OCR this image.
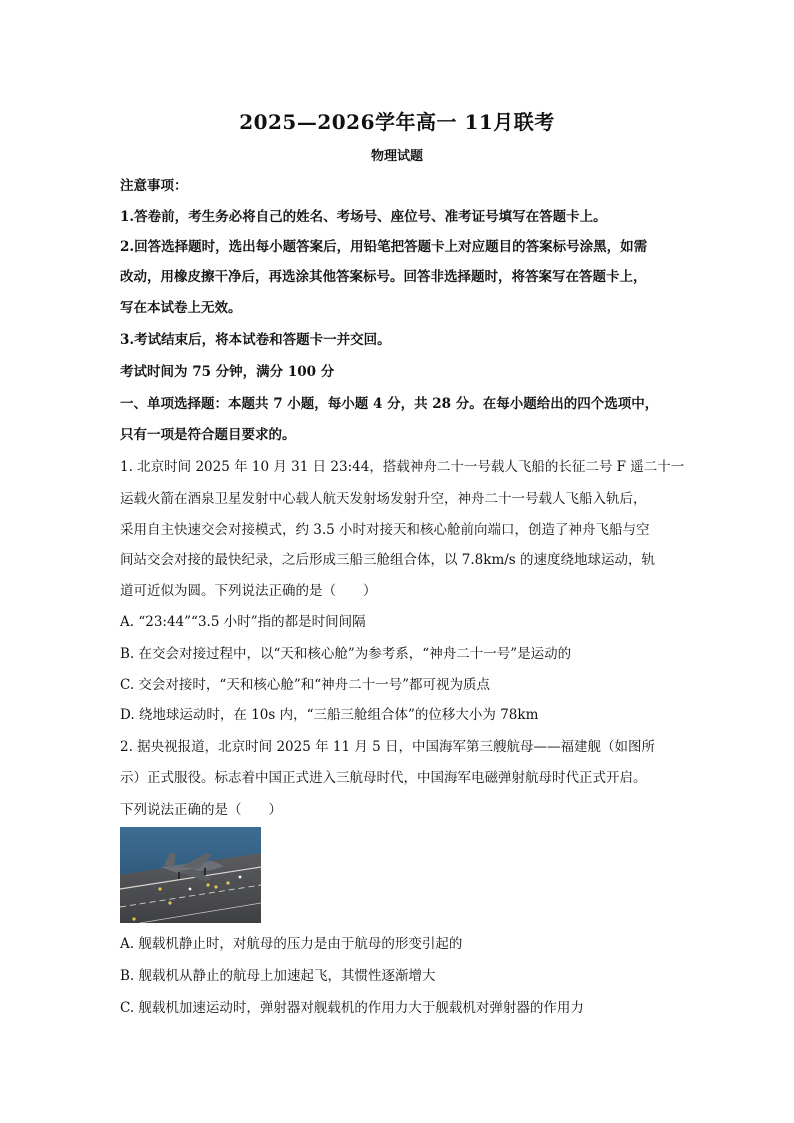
2025—2026学年高一 11月联考
物理试题
注意事项：
1.答卷前，考生务必将自己的姓名、考场号、座位号、准考证号填写在答题卡上。
2.回答选择题时，选出每小题答案后，用铅笔把答题卡上对应题目的答案标号涂黑，如需
改动，用橡皮擦干净后，再选涂其他答案标号。回答非选择题时，将答案写在答题卡上，
写在本试卷上无效。
3.考试结束后，将本试卷和答题卡一并交回。
考试时间为 75 分钟，满分 100 分
一、单项选择题：本题共 7 小题，每小题 4 分，共 28 分。在每小题给出的四个选项中，
只有一项是符合题目要求的。
1. 北京时间 2025 年 10 月 31 日 23:44，搭载神舟二十一号载人飞船的长征二号 F 遥二十一
运载火箭在酒泉卫星发射中心载人航天发射场发射升空，神舟二十一号载人飞船入轨后，
采用自主快速交会对接模式，约 3.5 小时对接天和核心舱前向端口，创造了神舟飞船与空
间站交会对接的最快纪录，之后形成三船三舱组合体，以 7.8km/s 的速度绕地球运动，轨
道可近似为圆。下列说法正确的是（　　）
A. “23:44”“3.5 小时”指的都是时间间隔
B. 在交会对接过程中，以“天和核心舱”为参考系，“神舟二十一号”是运动的
C. 交会对接时，“天和核心舱”和“神舟二十一号”都可视为质点
D. 绕地球运动时，在 10s 内，“三船三舱组合体”的位移大小为 78km
2. 据央视报道，北京时间 2025 年 11 月 5 日，中国海军第三艘航母——福建舰（如图所
示）正式服役。标志着中国正式进入三航母时代，中国海军电磁弹射航母时代正式开启。
下列说法正确的是（　　）
A. 舰载机静止时，对航母的压力是由于航母的形变引起的
B. 舰载机从静止的航母上加速起飞，其惯性逐渐增大
C. 舰载机加速运动时，弹射器对舰载机的作用力大于舰载机对弹射器的作用力
